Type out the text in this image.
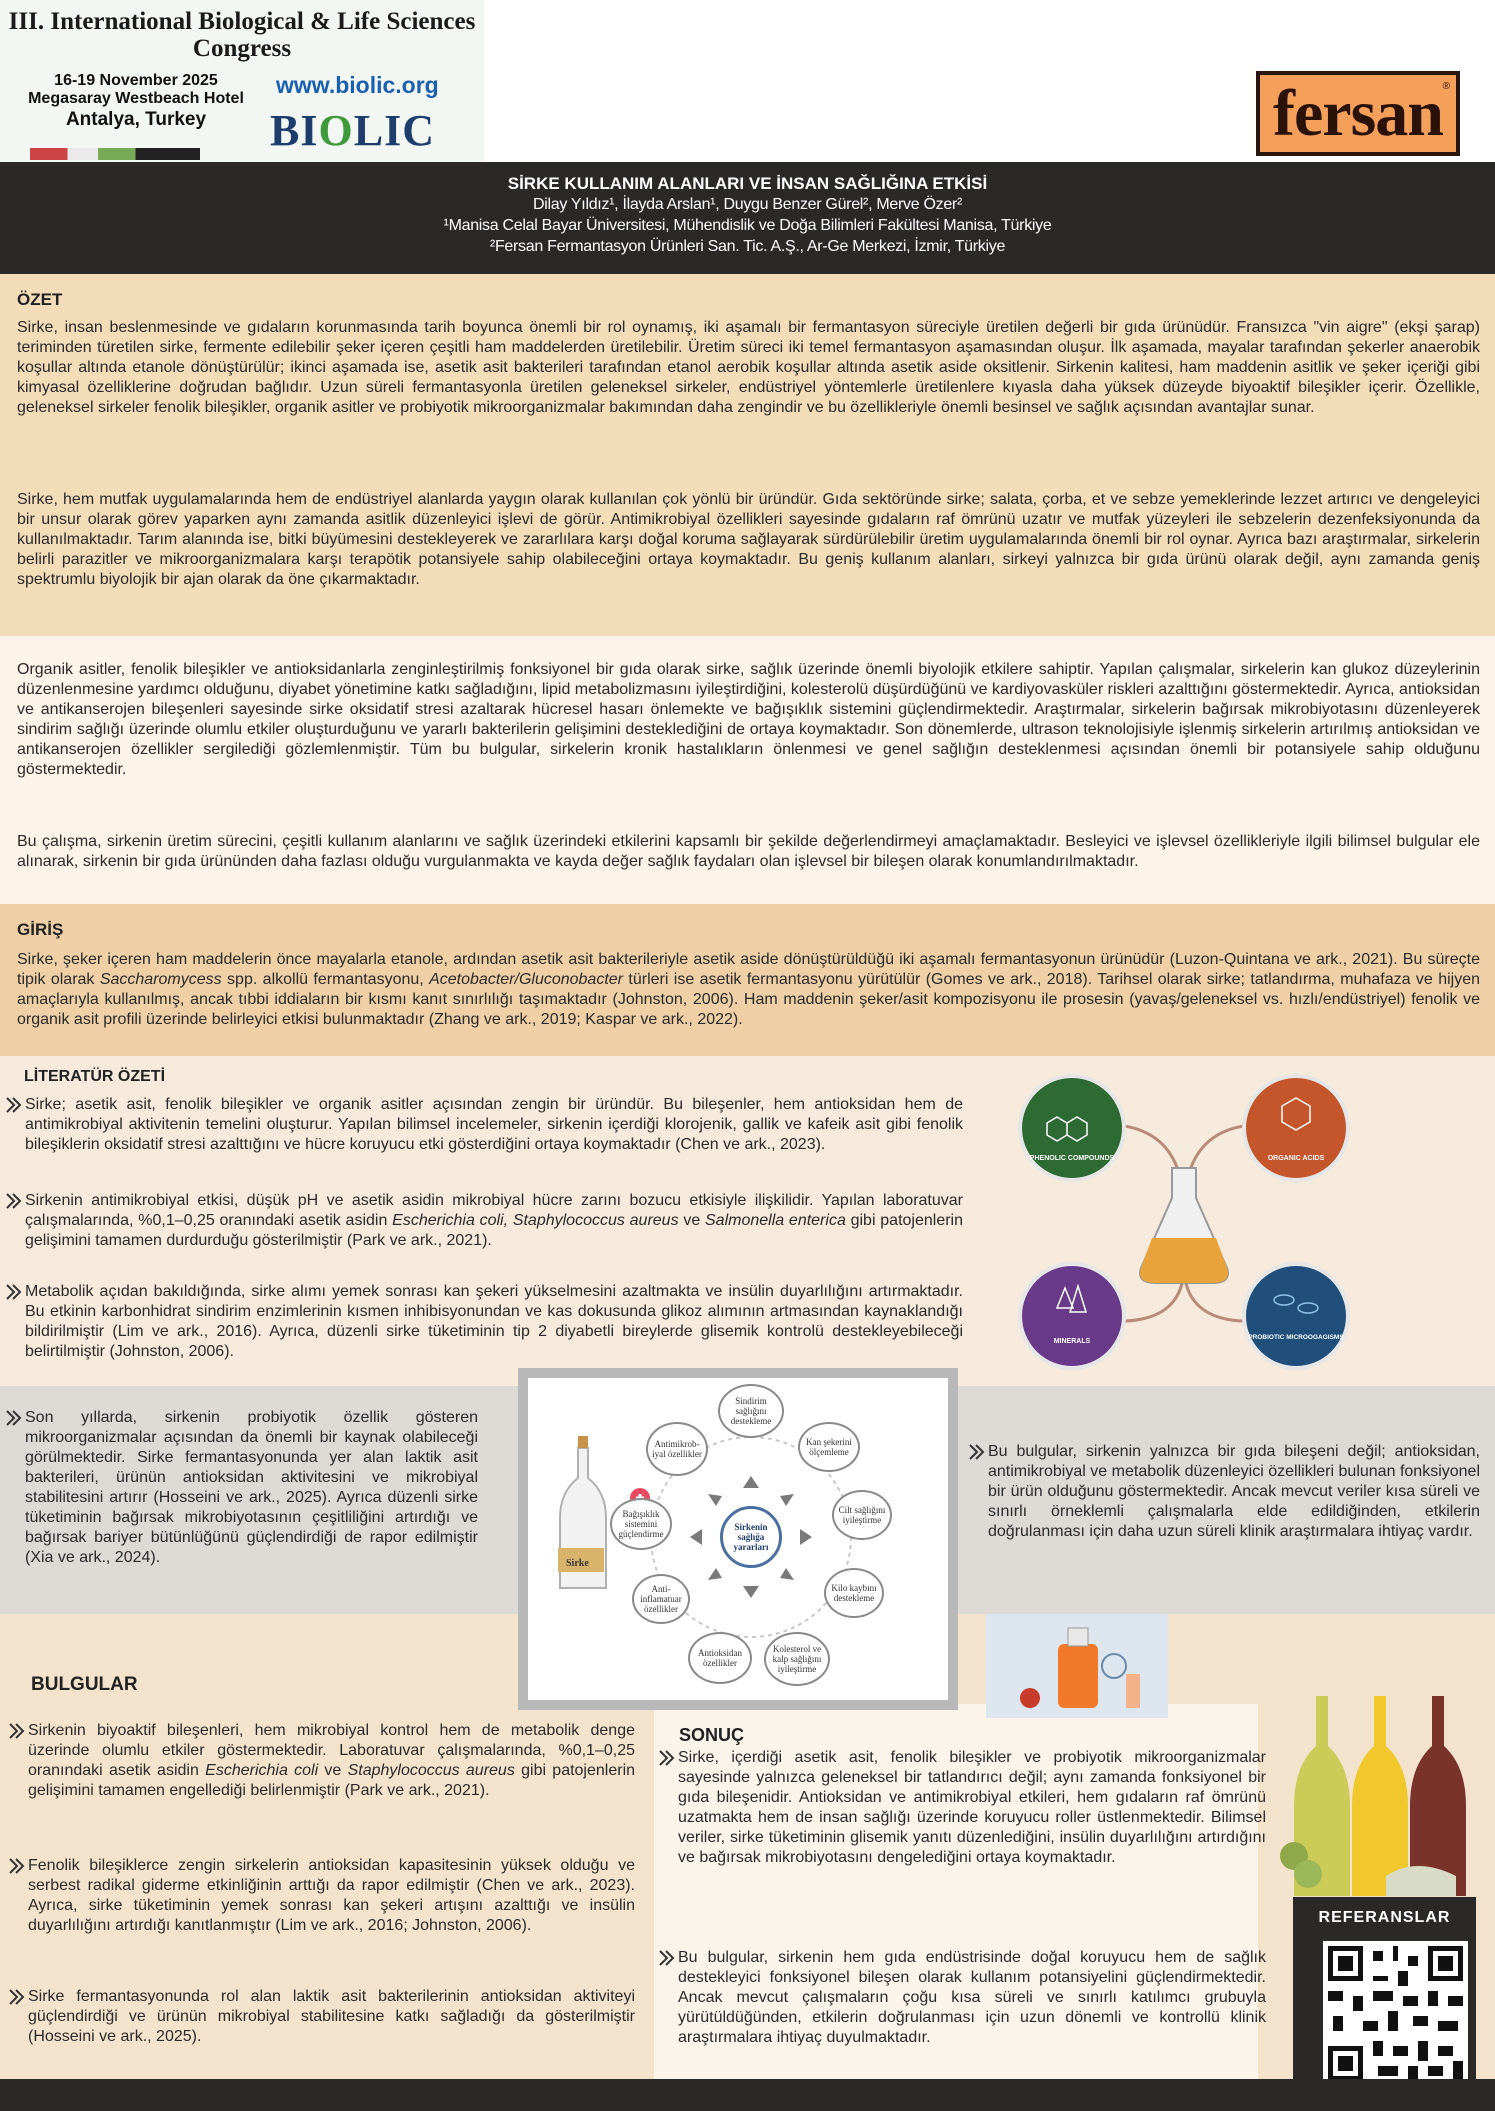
III. International Biological & Life Sciences Congress
16-19 November 2025
Megasaray Westbeach Hotel
Antalya, Turkey
www.biolic.org
BIOLIC	fersan®
SİRKE KULLANIM ALANLARI VE İNSAN SAĞLIĞINA ETKİSİ
Dilay Yıldız¹, İlayda Arslan¹, Duygu Benzer Gürel², Merve Özer²
¹Manisa Celal Bayar Üniversitesi, Mühendislik ve Doğa Bilimleri Fakültesi Manisa, Türkiye
²Fersan Fermantasyon Ürünleri San. Tic. A.Ş., Ar-Ge Merkezi, İzmir, Türkiye
ÖZET
Sirke, insan beslenmesinde ve gıdaların korunmasında tarih boyunca önemli bir rol oynamış, iki aşamalı bir fermantasyon süreciyle üretilen değerli bir gıda ürünüdür. Fransızca "vin aigre" (ekşi şarap) teriminden türetilen sirke, fermente edilebilir şeker içeren çeşitli ham maddelerden üretilebilir. Üretim süreci iki temel fermantasyon aşamasından oluşur. İlk aşamada, mayalar tarafından şekerler anaerobik koşullar altında etanole dönüştürülür; ikinci aşamada ise, asetik asit bakterileri tarafından etanol aerobik koşullar altında asetik aside oksitlenir. Sirkenin kalitesi, ham maddenin asitlik ve şeker içeriği gibi kimyasal özelliklerine doğrudan bağlıdır. Uzun süreli fermantasyonla üretilen geleneksel sirkeler, endüstriyel yöntemlerle üretilenlere kıyasla daha yüksek düzeyde biyoaktif bileşikler içerir. Özellikle, geleneksel sirkeler fenolik bileşikler, organik asitler ve probiyotik mikroorganizmalar bakımından daha zengindir ve bu özellikleriyle önemli besinsel ve sağlık açısından avantajlar sunar.
Sirke, hem mutfak uygulamalarında hem de endüstriyel alanlarda yaygın olarak kullanılan çok yönlü bir üründür. Gıda sektöründe sirke; salata, çorba, et ve sebze yemeklerinde lezzet artırıcı ve dengeleyici bir unsur olarak görev yaparken aynı zamanda asitlik düzenleyici işlevi de görür. Antimikrobiyal özellikleri sayesinde gıdaların raf ömrünü uzatır ve mutfak yüzeyleri ile sebzelerin dezenfeksiyonunda da kullanılmaktadır. Tarım alanında ise, bitki büyümesini destekleyerek ve zararlılara karşı doğal koruma sağlayarak sürdürülebilir üretim uygulamalarında önemli bir rol oynar. Ayrıca bazı araştırmalar, sirkelerin belirli parazitler ve mikroorganizmalara karşı terapötik potansiyele sahip olabileceğini ortaya koymaktadır. Bu geniş kullanım alanları, sirkeyi yalnızca bir gıda ürünü olarak değil, aynı zamanda geniş spektrumlu biyolojik bir ajan olarak da öne çıkarmaktadır.
Organik asitler, fenolik bileşikler ve antioksidanlarla zenginleştirilmiş fonksiyonel bir gıda olarak sirke, sağlık üzerinde önemli biyolojik etkilere sahiptir. Yapılan çalışmalar, sirkelerin kan glukoz düzeylerinin düzenlenmesine yardımcı olduğunu, diyabet yönetimine katkı sağladığını, lipid metabolizmasını iyileştirdiğini, kolesterolü düşürdüğünü ve kardiyovasküler riskleri azalttığını göstermektedir. Ayrıca, antioksidan ve antikanserojen bileşenleri sayesinde sirke oksidatif stresi azaltarak hücresel hasarı önlemekte ve bağışıklık sistemini güçlendirmektedir. Araştırmalar, sirkelerin bağırsak mikrobiyotasını düzenleyerek sindirim sağlığı üzerinde olumlu etkiler oluşturduğunu ve yararlı bakterilerin gelişimini desteklediğini de ortaya koymaktadır. Son dönemlerde, ultrason teknolojisiyle işlenmiş sirkelerin artırılmış antioksidan ve antikanserojen özellikler sergilediği gözlemlenmiştir. Tüm bu bulgular, sirkelerin kronik hastalıkların önlenmesi ve genel sağlığın desteklenmesi açısından önemli bir potansiyele sahip olduğunu göstermektedir.
Bu çalışma, sirkenin üretim sürecini, çeşitli kullanım alanlarını ve sağlık üzerindeki etkilerini kapsamlı bir şekilde değerlendirmeyi amaçlamaktadır. Besleyici ve işlevsel özellikleriyle ilgili bilimsel bulgular ele alınarak, sirkenin bir gıda ürününden daha fazlası olduğu vurgulanmakta ve kayda değer sağlık faydaları olan işlevsel bir bileşen olarak konumlandırılmaktadır.
GİRİŞ
Sirke, şeker içeren ham maddelerin önce mayalarla etanole, ardından asetik asit bakterileriyle asetik aside dönüştürüldüğü iki aşamalı fermantasyonun ürünüdür (Luzon-Quintana ve ark., 2021). Bu süreçte tipik olarak Saccharomycess spp. alkollü fermantasyonu, Acetobacter/Gluconobacter türleri ise asetik fermantasyonu yürütülür (Gomes ve ark., 2018). Tarihsel olarak sirke; tatlandırma, muhafaza ve hijyen amaçlarıyla kullanılmış, ancak tıbbi iddiaların bir kısmı kanıt sınırlılığı taşımaktadır (Johnston, 2006). Ham maddenin şeker/asit kompozisyonu ile prosesin (yavaş/geleneksel vs. hızlı/endüstriyel) fenolik ve organik asit profili üzerinde belirleyici etkisi bulunmaktadır (Zhang ve ark., 2019; Kaspar ve ark., 2022).
LİTERATÜR ÖZETİ
Sirke; asetik asit, fenolik bileşikler ve organik asitler açısından zengin bir üründür. Bu bileşenler, hem antioksidan hem de antimikrobiyal aktivitenin temelini oluşturur. Yapılan bilimsel incelemeler, sirkenin içerdiği klorojenik, gallik ve kafeik asit gibi fenolik bileşiklerin oksidatif stresi azalttığını ve hücre koruyucu etki gösterdiğini ortaya koymaktadır (Chen ve ark., 2023).
Sirkenin antimikrobiyal etkisi, düşük pH ve asetik asidin mikrobiyal hücre zarını bozucu etkisiyle ilişkilidir. Yapılan laboratuvar çalışmalarında, %0,1–0,25 oranındaki asetik asidin Escherichia coli, Staphylococcus aureus ve Salmonella enterica gibi patojenlerin gelişimini tamamen durdurduğu gösterilmiştir (Park ve ark., 2021).
Metabolik açıdan bakıldığında, sirke alımı yemek sonrası kan şekeri yükselmesini azaltmakta ve insülin duyarlılığını artırmaktadır. Bu etkinin karbonhidrat sindirim enzimlerinin kısmen inhibisyonundan ve kas dokusunda glikoz alımının artmasından kaynaklandığı bildirilmiştir (Lim ve ark., 2016). Ayrıca, düzenli sirke tüketiminin tip 2 diyabetli bireylerde glisemik kontrolü destekleyebileceği belirtilmiştir (Johnston, 2006).
PHENOLIC COMPOUNDS	ORGANIC ACIDS
MINERALS
PROBIOTIC MICROOGAGISMS
Son yıllarda, sirkenin probiyotik özellik gösteren mikroorganizmalar açısından da önemli bir kaynak olabileceği görülmektedir. Sirke fermantasyonunda yer alan laktik asit bakterileri, ürünün antioksidan aktivitesini ve mikrobiyal stabilitesini artırır (Hosseini ve ark., 2025). Ayrıca düzenli sirke tüketiminin bağırsak mikrobiyotasının çeşitliliğini artırdığı ve bağırsak bariyer bütünlüğünü güçlendirdiği de rapor edilmiştir (Xia ve ark., 2024).
Bu bulgular, sirkenin yalnızca bir gıda bileşeni değil; antioksidan, antimikrobiyal ve metabolik düzenleyici özellikleri bulunan fonksiyonel bir ürün olduğunu göstermektedir. Ancak mevcut veriler kısa süreli ve sınırlı örneklemli çalışmalarla elde edildiğinden, etkilerin doğrulanması için daha uzun süreli klinik araştırmalara ihtiyaç vardır.
BULGULAR
Sirkenin biyoaktif bileşenleri, hem mikrobiyal kontrol hem de metabolik denge üzerinde olumlu etkiler göstermektedir. Laboratuvar çalışmalarında, %0,1–0,25 oranındaki asetik asidin Escherichia coli ve Staphylococcus aureus gibi patojenlerin gelişimini tamamen engellediği belirlenmiştir (Park ve ark., 2021).
Fenolik bileşiklerce zengin sirkelerin antioksidan kapasitesinin yüksek olduğu ve serbest radikal giderme etkinliğinin arttığı da rapor edilmiştir (Chen ve ark., 2023). Ayrıca, sirke tüketiminin yemek sonrası kan şekeri artışını azalttığı ve insülin duyarlılığını artırdığı kanıtlanmıştır (Lim ve ark., 2016; Johnston, 2006).
Sirke fermantasyonunda rol alan laktik asit bakterilerinin antioksidan aktiviteyi güçlendirdiği ve ürünün mikrobiyal stabilitesine katkı sağladığı da gösterilmiştir (Hosseini ve ark., 2025).
SONUÇ
Sirke, içerdiği asetik asit, fenolik bileşikler ve probiyotik mikroorganizmalar sayesinde yalnızca geleneksel bir tatlandırıcı değil; aynı zamanda fonksiyonel bir gıda bileşenidir. Antioksidan ve antimikrobiyal etkileri, hem gıdaların raf ömrünü uzatmakta hem de insan sağlığı üzerinde koruyucu roller üstlenmektedir. Bilimsel veriler, sirke tüketiminin glisemik yanıtı düzenlediğini, insülin duyarlılığını artırdığını ve bağırsak mikrobiyotasını dengelediğini ortaya koymaktadır.
Bu bulgular, sirkenin hem gıda endüstrisinde doğal koruyucu hem de sağlık destekleyici fonksiyonel bileşen olarak kullanım potansiyelini güçlendirmektedir. Ancak mevcut çalışmaların çoğu kısa süreli ve sınırlı katılımcı grubuyla yürütüldüğünden, etkilerin doğrulanması için uzun dönemli ve kontrollü klinik araştırmalara ihtiyaç duyulmaktadır.
Sirke
Sirkenin sağlığa yararları
Sindirim sağlığını destekleme
Kan şekerini ölçemleme
Cilt sağlığını iyileştirme
Kilo kaybını destekleme
Kolesterol ve kalp sağlığını iyileştirme
Antioksidan özellikler
Anti-inflamatuar özellikler
Bağışıklık sistemini güçlendirme
Antimikrob-iyal özellikler
REFERANSLAR
